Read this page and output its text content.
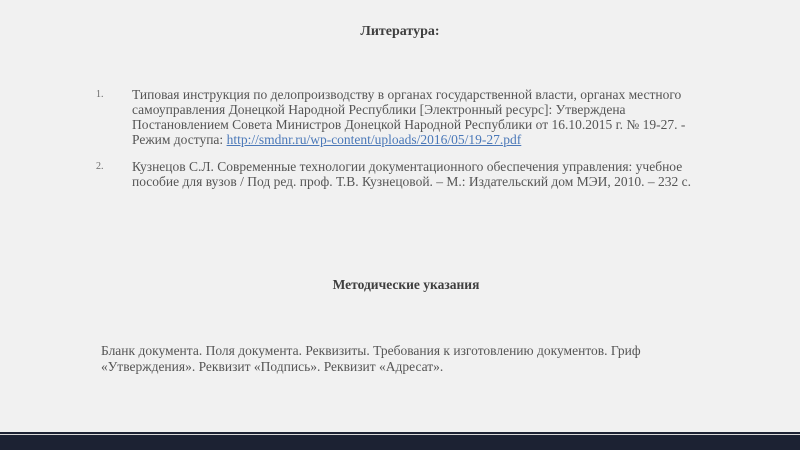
Литература:
1. Типовая инструкция по делопроизводству в органах государственной власти, органах местного самоуправления Донецкой Народной Республики [Электронный ресурс]: Утверждена Постановлением Совета Министров Донецкой Народной Республики от 16.10.2015 г. № 19-27. - Режим доступа: http://smdnr.ru/wp-content/uploads/2016/05/19-27.pdf
2. Кузнецов С.Л. Современные технологии документационного обеспечения управления: учебное пособие для вузов / Под ред. проф. Т.В. Кузнецовой. – М.: Издательский дом МЭИ, 2010. – 232 с.
Методические указания
Бланк документа. Поля документа. Реквизиты. Требования к изготовлению документов. Гриф «Утверждения». Реквизит «Подпись». Реквизит «Адресат».
